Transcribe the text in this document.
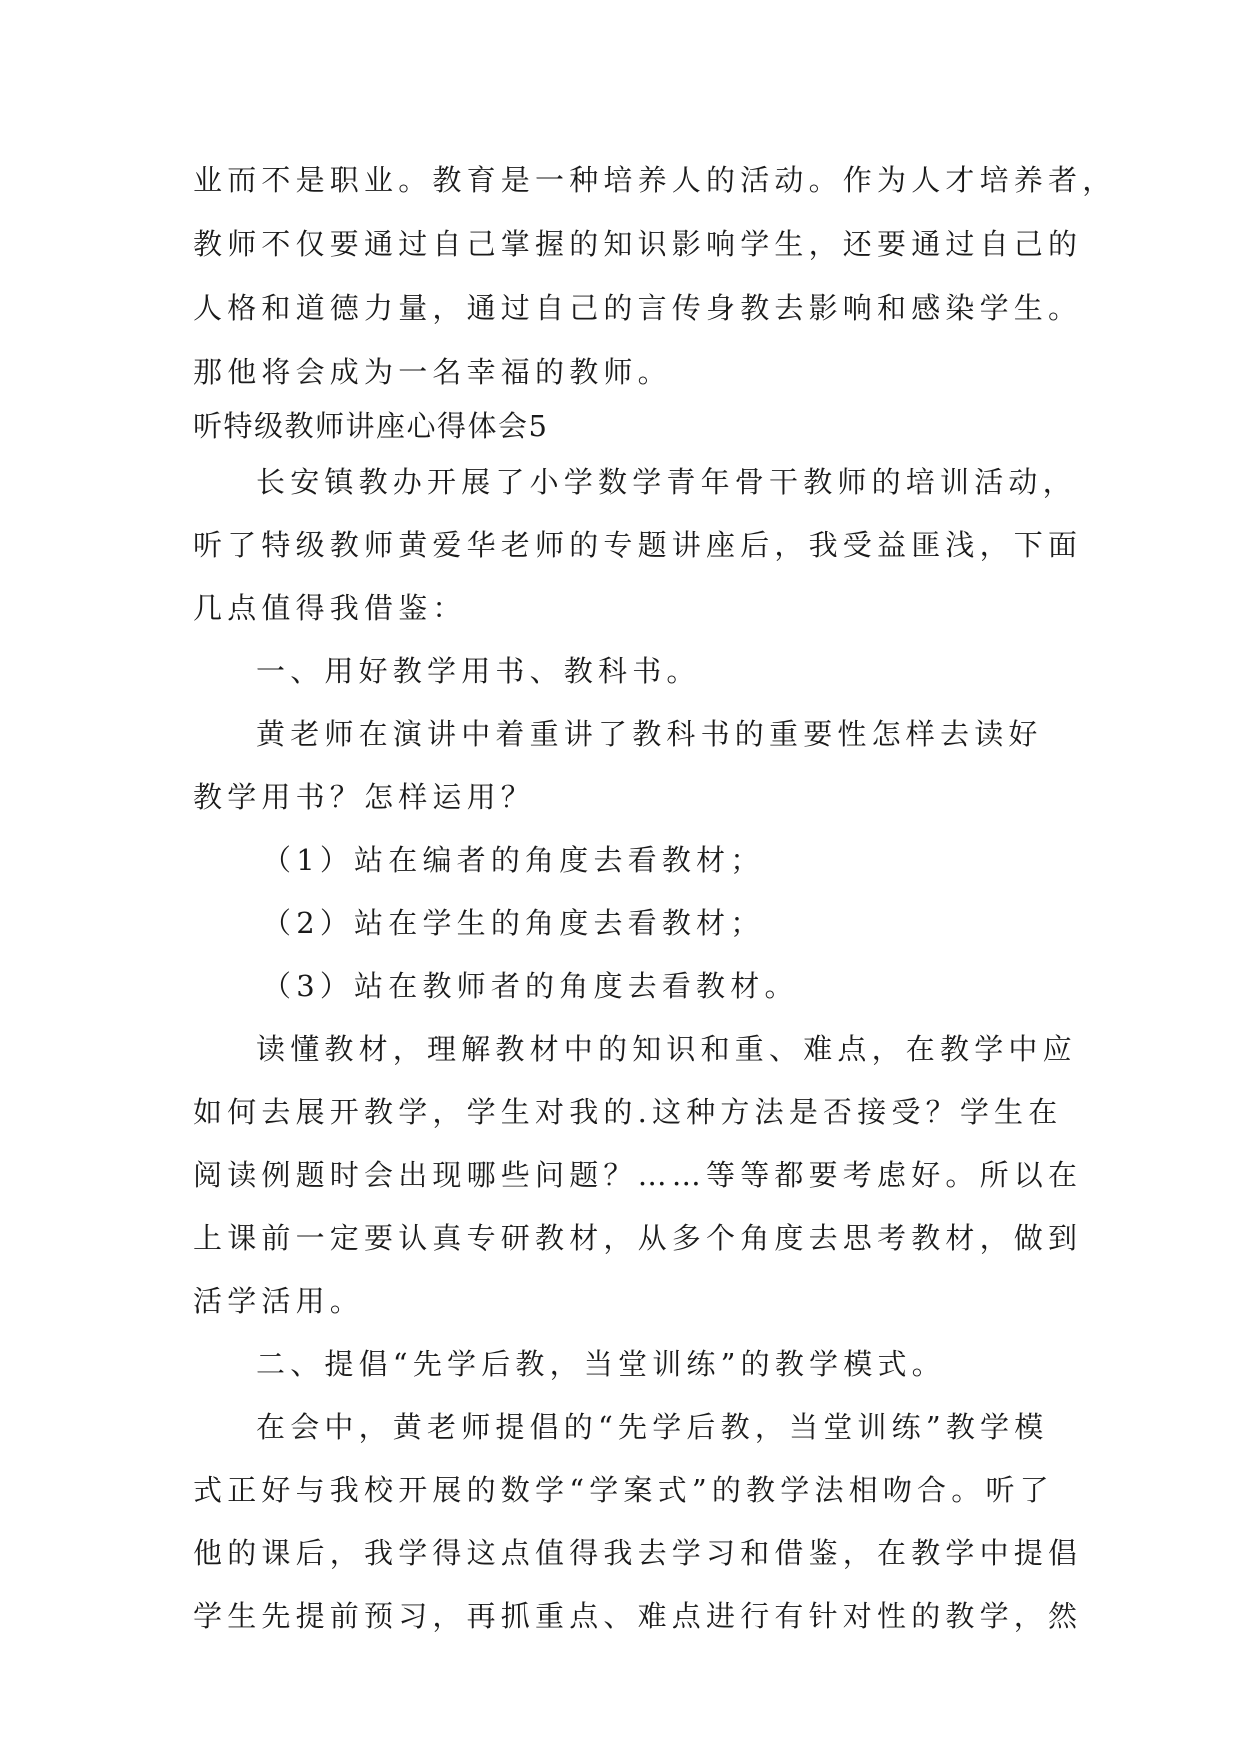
业而不是职业。教育是一种培养人的活动。作为人才培养者，
教师不仅要通过自己掌握的知识影响学生，还要通过自己的
人格和道德力量，通过自己的言传身教去影响和感染学生。
那他将会成为一名幸福的教师。
听特级教师讲座心得体会5
长安镇教办开展了小学数学青年骨干教师的培训活动，
听了特级教师黄爱华老师的专题讲座后，我受益匪浅，下面
几点值得我借鉴：
一、用好教学用书、教科书。
黄老师在演讲中着重讲了教科书的重要性怎样去读好
教学用书？怎样运用？
（1）站在编者的角度去看教材；
（2）站在学生的角度去看教材；
（3）站在教师者的角度去看教材。
读懂教材，理解教材中的知识和重、难点，在教学中应
如何去展开教学，学生对我的.这种方法是否接受？学生在
阅读例题时会出现哪些问题？……等等都要考虑好。所以在
上课前一定要认真专研教材，从多个角度去思考教材，做到
活学活用。
二、提倡“先学后教，当堂训练”的教学模式。
在会中，黄老师提倡的“先学后教，当堂训练”教学模
式正好与我校开展的数学“学案式”的教学法相吻合。听了
他的课后，我学得这点值得我去学习和借鉴，在教学中提倡
学生先提前预习，再抓重点、难点进行有针对性的教学，然
